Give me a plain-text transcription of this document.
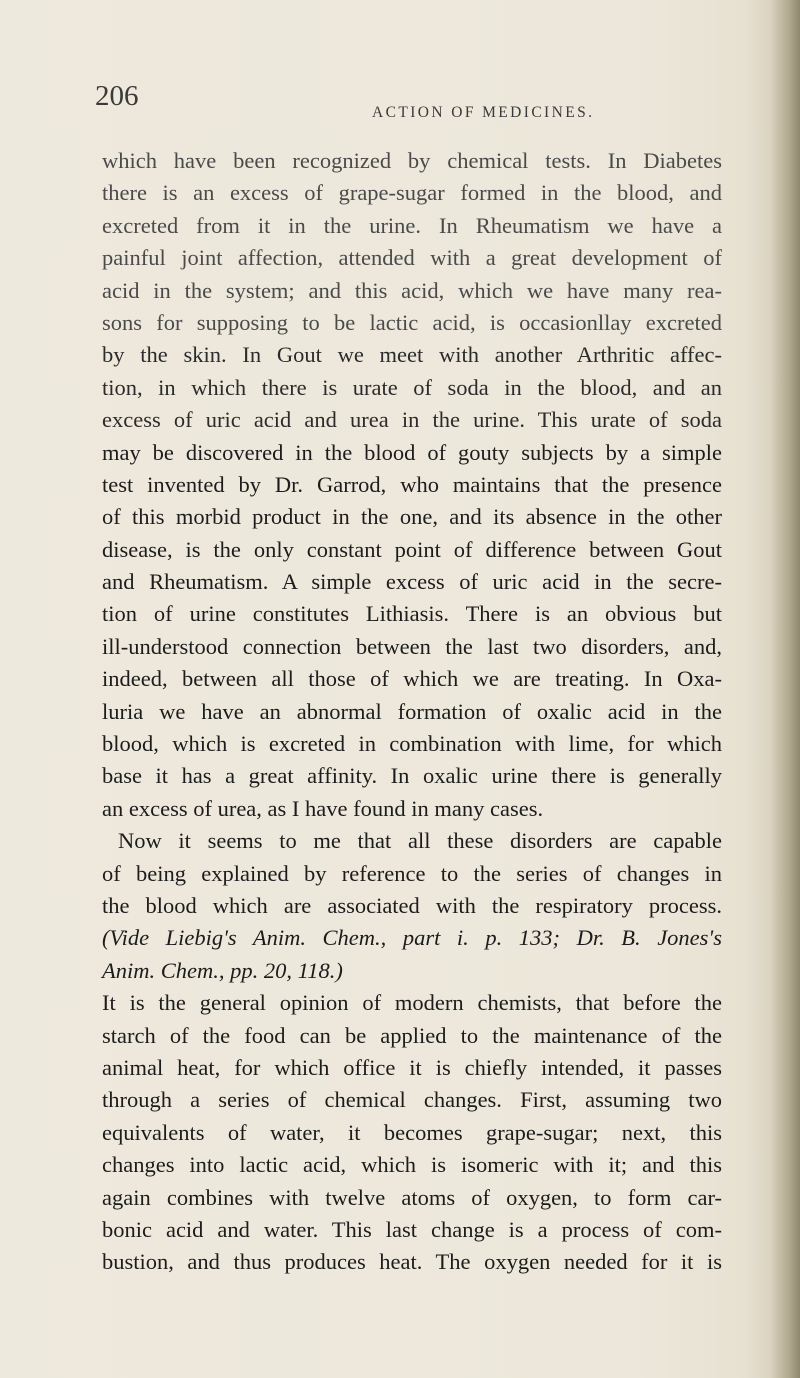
206
ACTION OF MEDICINES.
which have been recognized by chemical tests. In Diabetes
there is an excess of grape-sugar formed in the blood, and
excreted from it in the urine. In Rheumatism we have a
painful joint affection, attended with a great development of
acid in the system; and this acid, which we have many rea-
sons for supposing to be lactic acid, is occasionllay excreted
by the skin. In Gout we meet with another Arthritic affec-
tion, in which there is urate of soda in the blood, and an
excess of uric acid and urea in the urine. This urate of soda
may be discovered in the blood of gouty subjects by a simple
test invented by Dr. Garrod, who maintains that the presence
of this morbid product in the one, and its absence in the other
disease, is the only constant point of difference between Gout
and Rheumatism. A simple excess of uric acid in the secre-
tion of urine constitutes Lithiasis. There is an obvious but
ill-understood connection between the last two disorders, and,
indeed, between all those of which we are treating. In Oxa-
luria we have an abnormal formation of oxalic acid in the
blood, which is excreted in combination with lime, for which
base it has a great affinity. In oxalic urine there is generally
an excess of urea, as I have found in many cases.
Now it seems to me that all these disorders are capable
of being explained by reference to the series of changes in
the blood which are associated with the respiratory process.
(Vide Liebig's Anim. Chem., part i. p. 133; Dr. B. Jones's
Anim. Chem., pp. 20, 118.)
It is the general opinion of modern chemists, that before the
starch of the food can be applied to the maintenance of the
animal heat, for which office it is chiefly intended, it passes
through a series of chemical changes. First, assuming two
equivalents of water, it becomes grape-sugar; next, this
changes into lactic acid, which is isomeric with it; and this
again combines with twelve atoms of oxygen, to form car-
bonic acid and water. This last change is a process of com-
bustion, and thus produces heat. The oxygen needed for it is
